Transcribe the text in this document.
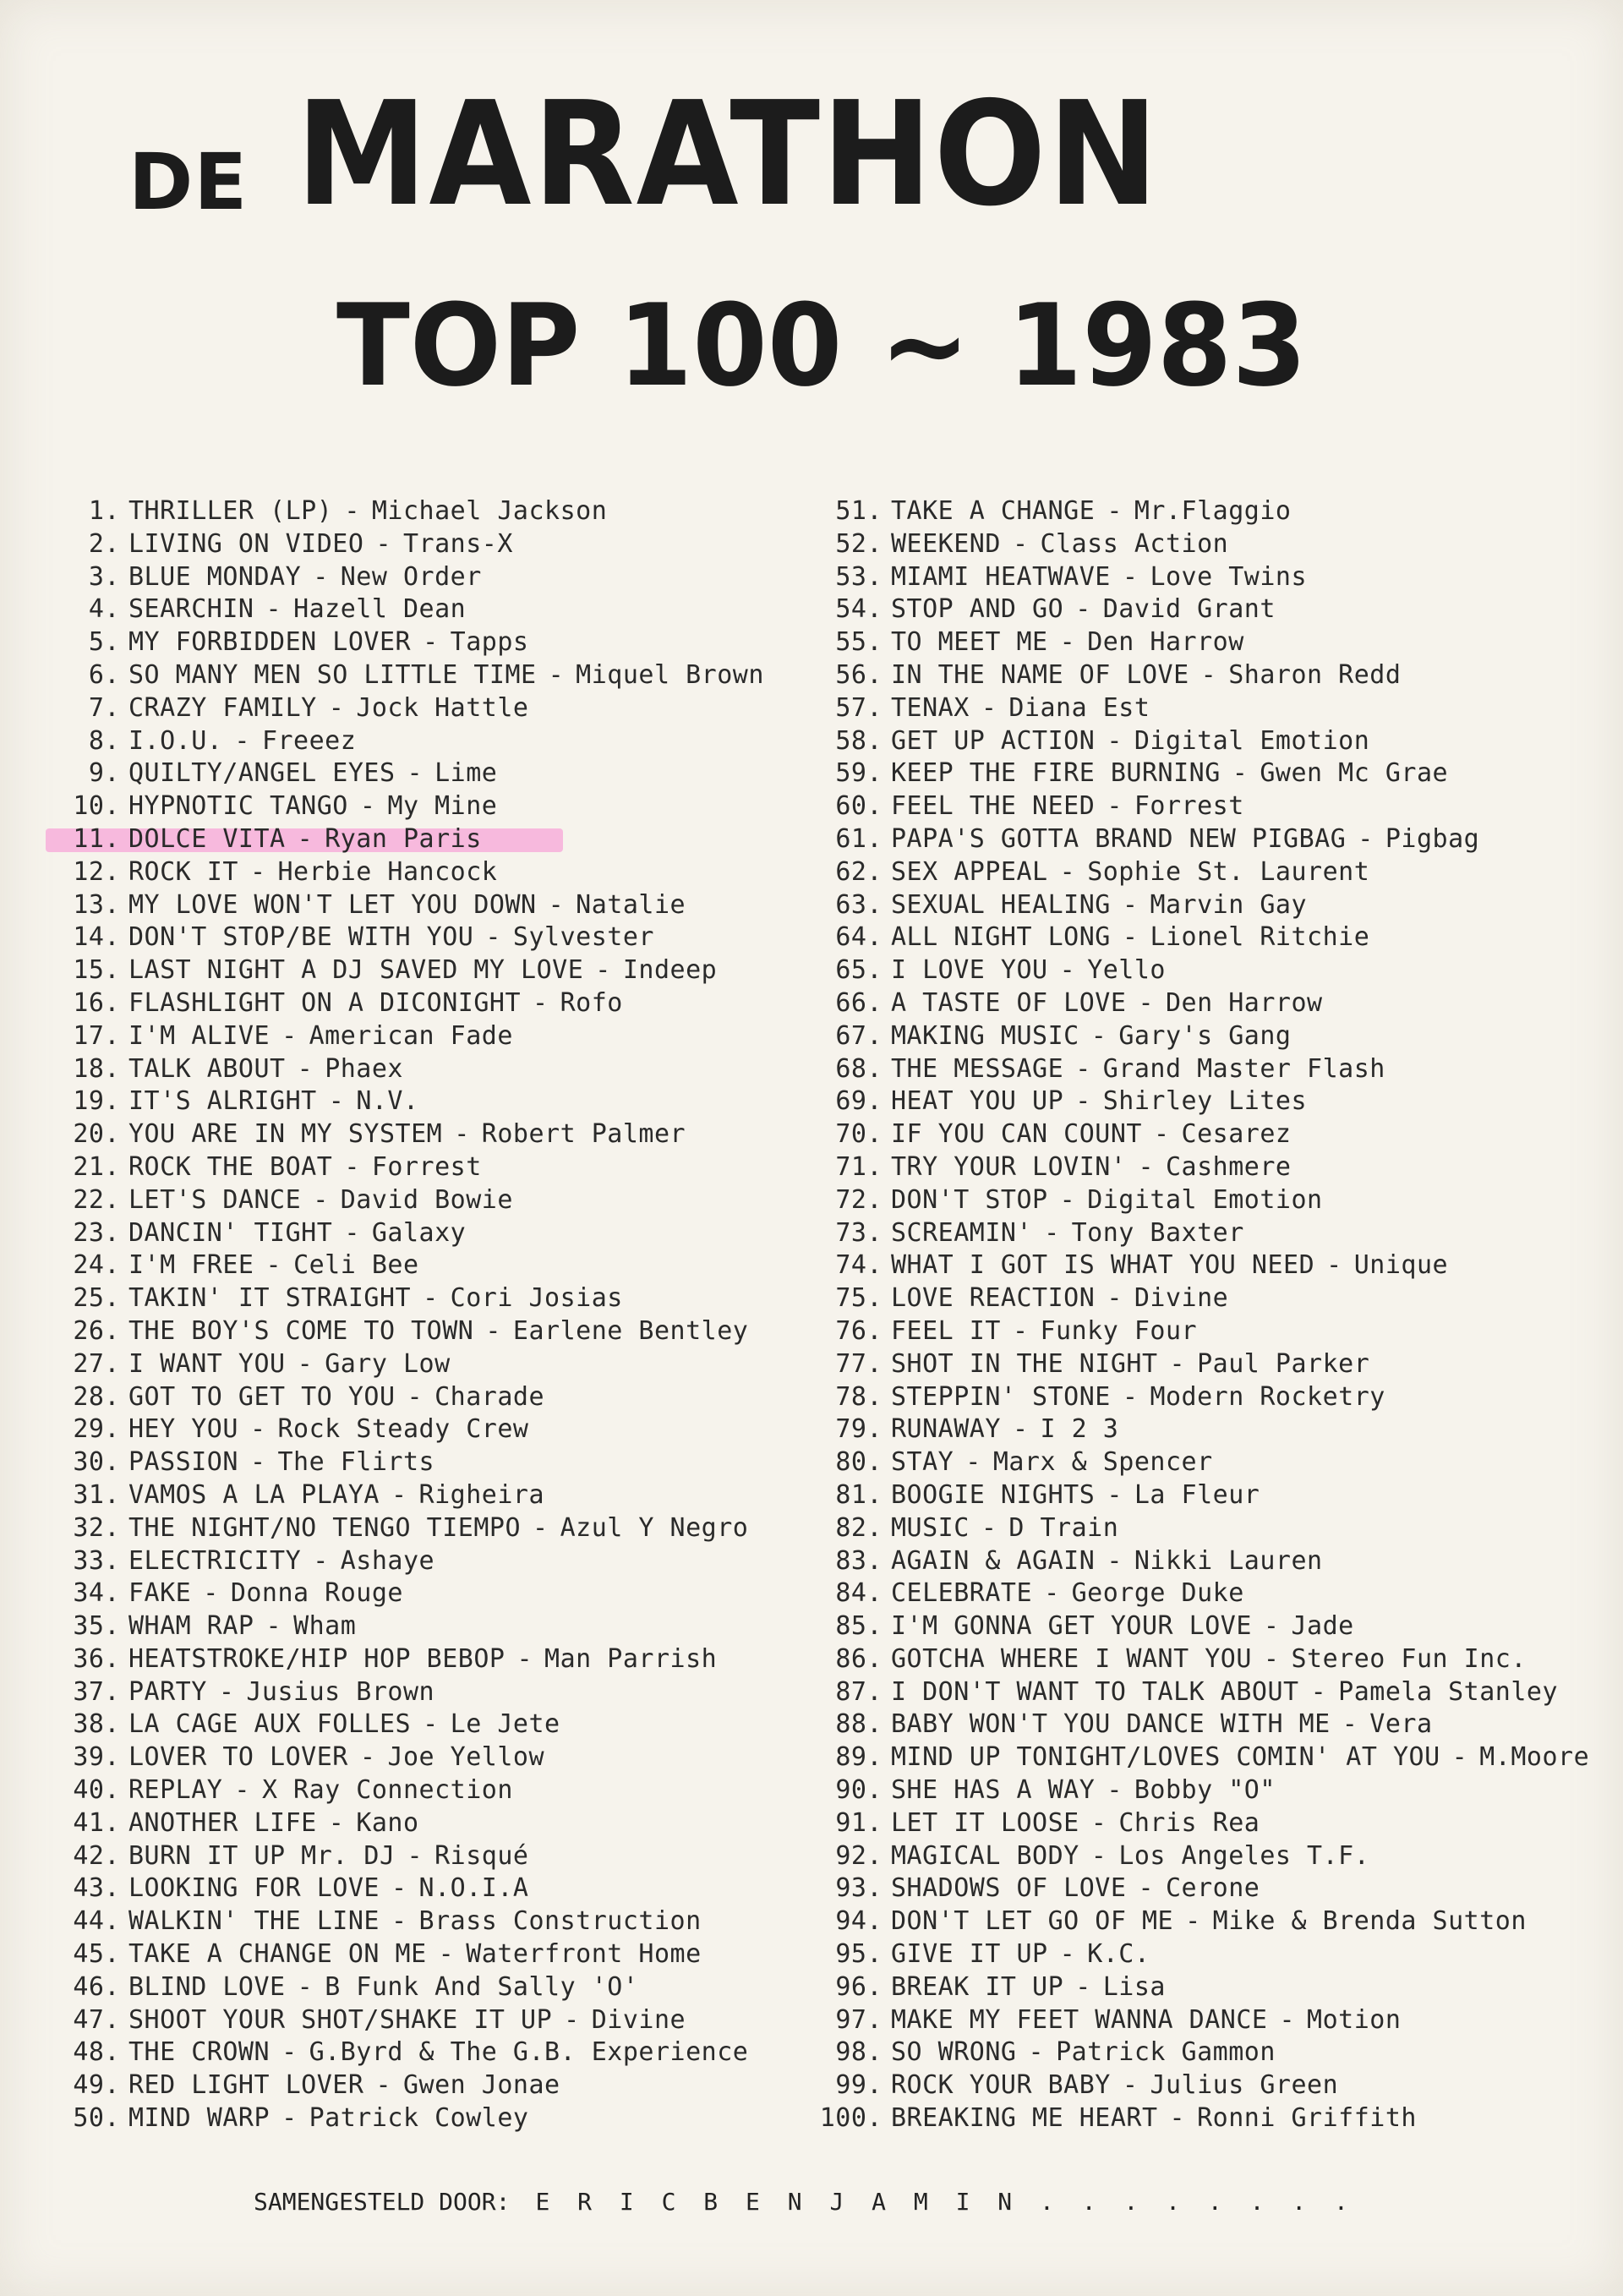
DE MARATHON
TOP 100 ~ 1983
1. THRILLER (LP) - Michael Jackson
2. LIVING ON VIDEO - Trans-X
3. BLUE MONDAY - New Order
4. SEARCHIN - Hazell Dean
5. MY FORBIDDEN LOVER - Tapps
6. SO MANY MEN SO LITTLE TIME - Miquel Brown
7. CRAZY FAMILY - Jock Hattle
8. I.O.U. - Freeez
9. QUILTY/ANGEL EYES - Lime
10. HYPNOTIC TANGO - My Mine
11. DOLCE VITA - Ryan Paris
12. ROCK IT - Herbie Hancock
13. MY LOVE WON'T LET YOU DOWN - Natalie
14. DON'T STOP/BE WITH YOU - Sylvester
15. LAST NIGHT A DJ SAVED MY LOVE - Indeep
16. FLASHLIGHT ON A DICONIGHT - Rofo
17. I'M ALIVE - American Fade
18. TALK ABOUT - Phaex
19. IT'S ALRIGHT - N.V.
20. YOU ARE IN MY SYSTEM - Robert Palmer
21. ROCK THE BOAT - Forrest
22. LET'S DANCE - David Bowie
23. DANCIN' TIGHT - Galaxy
24. I'M FREE - Celi Bee
25. TAKIN' IT STRAIGHT - Cori Josias
26. THE BOY'S COME TO TOWN - Earlene Bentley
27. I WANT YOU - Gary Low
28. GOT TO GET TO YOU - Charade
29. HEY YOU - Rock Steady Crew
30. PASSION - The Flirts
31. VAMOS A LA PLAYA - Righeira
32. THE NIGHT/NO TENGO TIEMPO - Azul Y Negro
33. ELECTRICITY - Ashaye
34. FAKE - Donna Rouge
35. WHAM RAP - Wham
36. HEATSTROKE/HIP HOP BEBOP - Man Parrish
37. PARTY - Jusius Brown
38. LA CAGE AUX FOLLES - Le Jete
39. LOVER TO LOVER - Joe Yellow
40. REPLAY - X Ray Connection
41. ANOTHER LIFE - Kano
42. BURN IT UP Mr. DJ - Risqué
43. LOOKING FOR LOVE - N.O.I.A
44. WALKIN' THE LINE - Brass Construction
45. TAKE A CHANGE ON ME - Waterfront Home
46. BLIND LOVE - B Funk And Sally 'O'
47. SHOOT YOUR SHOT/SHAKE IT UP - Divine
48. THE CROWN - G.Byrd & The G.B. Experience
49. RED LIGHT LOVER - Gwen Jonae
50. MIND WARP - Patrick Cowley
51. TAKE A CHANGE - Mr.Flaggio
52. WEEKEND - Class Action
53. MIAMI HEATWAVE - Love Twins
54. STOP AND GO - David Grant
55. TO MEET ME - Den Harrow
56. IN THE NAME OF LOVE - Sharon Redd
57. TENAX - Diana Est
58. GET UP ACTION - Digital Emotion
59. KEEP THE FIRE BURNING - Gwen Mc Grae
60. FEEL THE NEED - Forrest
61. PAPA'S GOTTA BRAND NEW PIGBAG - Pigbag
62. SEX APPEAL - Sophie St. Laurent
63. SEXUAL HEALING - Marvin Gay
64. ALL NIGHT LONG - Lionel Ritchie
65. I LOVE YOU - Yello
66. A TASTE OF LOVE - Den Harrow
67. MAKING MUSIC - Gary's Gang
68. THE MESSAGE - Grand Master Flash
69. HEAT YOU UP - Shirley Lites
70. IF YOU CAN COUNT - Cesarez
71. TRY YOUR LOVIN' - Cashmere
72. DON'T STOP - Digital Emotion
73. SCREAMIN' - Tony Baxter
74. WHAT I GOT IS WHAT YOU NEED - Unique
75. LOVE REACTION - Divine
76. FEEL IT - Funky Four
77. SHOT IN THE NIGHT - Paul Parker
78. STEPPIN' STONE - Modern Rocketry
79. RUNAWAY - I 2 3
80. STAY - Marx & Spencer
81. BOOGIE NIGHTS - La Fleur
82. MUSIC - D Train
83. AGAIN & AGAIN - Nikki Lauren
84. CELEBRATE - George Duke
85. I'M GONNA GET YOUR LOVE - Jade
86. GOTCHA WHERE I WANT YOU - Stereo Fun Inc.
87. I DON'T WANT TO TALK ABOUT - Pamela Stanley
88. BABY WON'T YOU DANCE WITH ME - Vera
89. MIND UP TONIGHT/LOVES COMIN' AT YOU - M.Moore
90. SHE HAS A WAY - Bobby "O"
91. LET IT LOOSE - Chris Rea
92. MAGICAL BODY - Los Angeles T.F.
93. SHADOWS OF LOVE - Cerone
94. DON'T LET GO OF ME - Mike & Brenda Sutton
95. GIVE IT UP - K.C.
96. BREAK IT UP - Lisa
97. MAKE MY FEET WANNA DANCE - Motion
98. SO WRONG - Patrick Gammon
99. ROCK YOUR BABY - Julius Green
100. BREAKING ME HEART - Ronni Griffith
SAMENGESTELD DOOR: E R I C B E N J A M I N . . . . . . . .
